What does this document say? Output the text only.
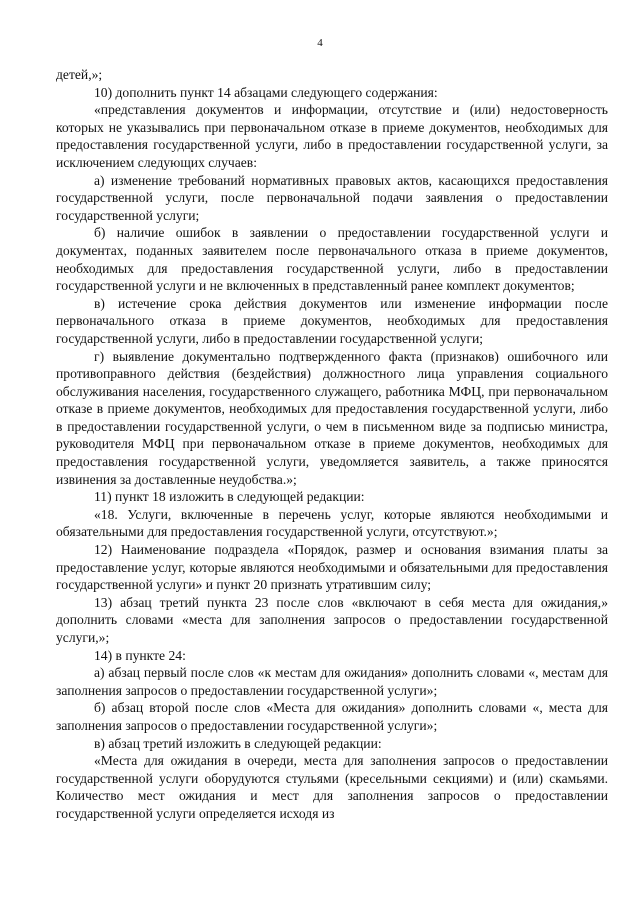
4

детей,»;

10) дополнить пункт 14 абзацами следующего содержания:

«представления документов и информации, отсутствие и (или) недостоверность которых не указывались при первоначальном отказе в приеме документов, необходимых для предоставления государственной услуги, либо в предоставлении государственной услуги, за исключением следующих случаев:

а) изменение требований нормативных правовых актов, касающихся предоставления государственной услуги, после первоначальной подачи заявления о предоставлении государственной услуги;

б) наличие ошибок в заявлении о предоставлении государственной услуги и документах, поданных заявителем после первоначального отказа в приеме документов, необходимых для предоставления государственной услуги, либо в предоставлении государственной услуги и не включенных в представленный ранее комплект документов;

в) истечение срока действия документов или изменение информации после первоначального отказа в приеме документов, необходимых для предоставления государственной услуги, либо в предоставлении государственной услуги;

г) выявление документально подтвержденного факта (признаков) ошибочного или противоправного действия (бездействия) должностного лица управления социального обслуживания населения, государственного служащего, работника МФЦ, при первоначальном отказе в приеме документов, необходимых для предоставления государственной услуги, либо в предоставлении государственной услуги, о чем в письменном виде за подписью министра, руководителя МФЦ при первоначальном отказе в приеме документов, необходимых для предоставления государственной услуги, уведомляется заявитель, а также приносятся извинения за доставленные неудобства.»;

11) пункт 18 изложить в следующей редакции:

«18. Услуги, включенные в перечень услуг, которые являются необходимыми и обязательными для предоставления государственной услуги, отсутствуют.»;

12) Наименование подраздела «Порядок, размер и основания взимания платы за предоставление услуг, которые являются необходимыми и обязательными для предоставления государственной услуги» и пункт 20 признать утратившим силу;

13) абзац третий пункта 23 после слов «включают в себя места для ожидания,» дополнить словами «места для заполнения запросов о предоставлении государственной услуги,»;

14) в пункте 24:

а) абзац первый после слов «к местам для ожидания» дополнить словами «, местам для заполнения запросов о предоставлении государственной услуги»;

б) абзац второй после слов «Места для ожидания» дополнить словами «, места для заполнения запросов о предоставлении государственной услуги»;

в) абзац третий изложить в следующей редакции:

«Места для ожидания в очереди, места для заполнения запросов о предоставлении государственной услуги оборудуются стульями (кресельными секциями) и (или) скамьями. Количество мест ожидания и мест для заполнения запросов о предоставлении государственной услуги определяется исходя из
